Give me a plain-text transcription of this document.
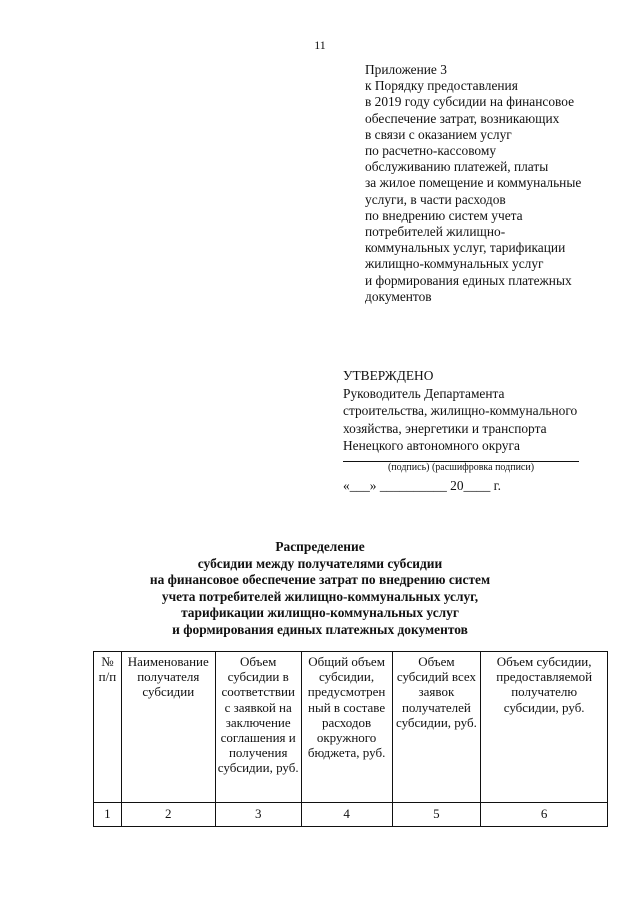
11
Приложение 3
к Порядку предоставления
в 2019 году субсидии на финансовое
обеспечение затрат, возникающих
в связи с оказанием услуг
по расчетно-кассовому
обслуживанию платежей, платы
за жилое помещение и коммунальные
услуги, в части расходов
по внедрению систем учета
потребителей жилищно-
коммунальных услуг, тарификации
жилищно-коммунальных услуг
и формирования единых платежных
документов
УТВЕРЖДЕНО
Руководитель Департамента
строительства, жилищно-коммунального
хозяйства, энергетики и транспорта
Ненецкого автономного округа
(подпись) (расшифровка подписи)
«___» __________ 20____ г.
Распределение
субсидии между получателями субсидии
на финансовое обеспечение затрат по внедрению систем
учета потребителей жилищно-коммунальных услуг,
тарификации жилищно-коммунальных услуг
и формирования единых платежных документов
№ п/п	Наименование получателя субсидии	Объем субсидии в соответствии с заявкой на заключение соглашения и получения субсидии, руб.	Общий объем субсидии, предусмотрен ный в составе расходов окружного бюджета, руб.	Объем субсидий всех заявок получателей субсидии, руб.	Объем субсидии, предоставляемой получателю субсидии, руб.
1	2	3	4	5	6
